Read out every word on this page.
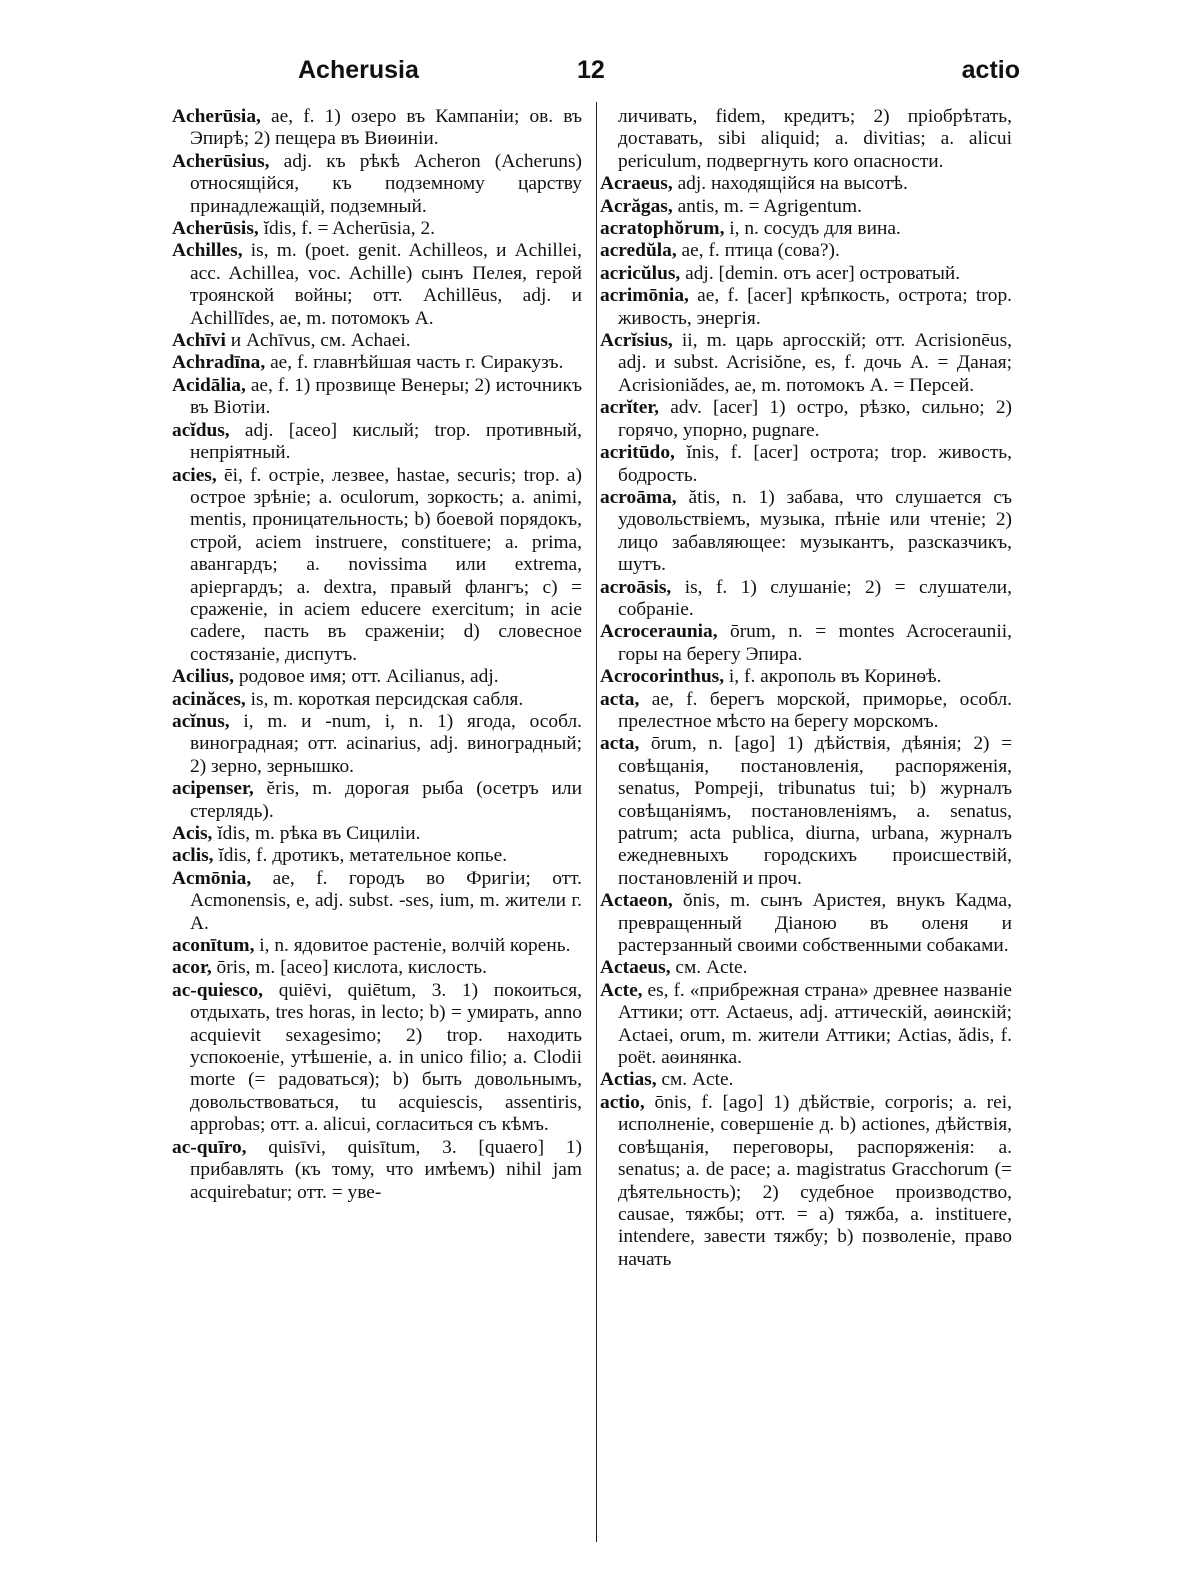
Acherusia	12	actio

Acherūsia, ae, f. 1) озеро въ Кампаніи; ов. въ Эпирѣ; 2) пещера въ Виѳиніи.

Acherūsius, adj. къ рѣкѣ Acheron (Acheruns) относящійся, къ подземному царству принадлежащій, подземный.

Acherūsis, ĭdis, f. = Acherūsia, 2.

Achilles, is, m. (poet. genit. Achilleos, и Achillei, acc. Achillea, voc. Achille) сынъ Пелея, герой троянской войны; отт. Achillēus, adj. и Achillīdes, ae, m. потомокъ А.

Achīvi и Achīvus, см. Achaei.

Achradīna, ae, f. главнѣйшая часть г. Сиракузъ.

Acidālia, ae, f. 1) прозвище Венеры; 2) источникъ въ Віотіи.

acĭdus, adj. [aceo] кислый; trop. противный, непріятный.

acies, ēi, f. остріе, лезвее, hastae, securis; trop. a) острое зрѣніе; a. oculorum, зоркость; a. animi, mentis, проницательность; b) боевой порядокъ, строй, aciem instruere, constituere; a. prima, авангардъ; a. novissima или extrema, аріергардъ; a. dextra, правый флангъ; c) = сраженіе, in aciem educere exercitum; in acie cadere, пасть въ сраженіи; d) словесное состязаніе, диспутъ.

Acilius, родовое имя; отт. Acilianus, adj.

acinăces, is, m. короткая персидская сабля.

acĭnus, i, m. и -num, i, n. 1) ягода, особл. виноградная; отт. acinarius, adj. виноградный; 2) зерно, зернышко.

acipenser, ĕris, m. дорогая рыба (осетръ или стерлядь).

Acis, ĭdis, m. рѣка въ Сициліи.

aclis, ĭdis, f. дротикъ, метательное копье.

Acmōnia, ae, f. городъ во Фригіи; отт. Acmonensis, e, adj. subst. -ses, ium, m. жители г. А.

aconītum, i, n. ядовитое растеніе, волчій корень.

acor, ōris, m. [aceo] кислота, кислость.

ac-quiesco, quiēvi, quiētum, 3. 1) покоиться, отдыхать, tres horas, in lecto; b) = умирать, anno acquievit sexagesimo; 2) trop. находить успокоеніе, утѣшеніе, a. in unico filio; a. Clodii morte (= радоваться); b) быть довольнымъ, довольствоваться, tu acquiescis, assentiris, approbas; отт. a. alicui, согласиться съ кѣмъ.

ac-quīro, quisīvi, quisītum, 3. [quaero] 1) прибавлять (къ тому, что имѣемъ) nihil jam acquirebatur; отт. = уве-

личивать, fidem, кредитъ; 2) пріобрѣтать, доставать, sibi aliquid; a. divitias; a. alicui periculum, подвергнуть кого опасности.

Acraeus, adj. находящійся на высотѣ.

Acrăgas, antis, m. = Agrigentum.

acratophŏrum, i, n. сосудъ для вина.

acredŭla, ae, f. птица (сова?).

acricŭlus, adj. [demin. отъ acer] островатый.

acrimōnia, ae, f. [acer] крѣпкость, острота; trop. живость, энергія.

Acrĭsius, ii, m. царь аргосскій; отт. Acrisionēus, adj. и subst. Acrisiŏne, es, f. дочь А. = Даная; Acrisioniădes, ae, m. потомокъ А. = Персей.

acrĭter, adv. [acer] 1) остро, рѣзко, сильно; 2) горячо, упорно, pugnare.

acritūdo, ĭnis, f. [acer] острота; trop. живость, бодрость.

acroāma, ătis, n. 1) забава, что слушается съ удовольствіемъ, музыка, пѣніе или чтеніе; 2) лицо забавляющее: музыкантъ, разсказчикъ, шутъ.

acroāsis, is, f. 1) слушаніе; 2) = слушатели, собраніе.

Acroceraunia, ōrum, n. = montes Acroceraunii, горы на берегу Эпира.

Acrocorinthus, i, f. акрополь въ Коринѳѣ.

acta, ae, f. берегъ морской, приморье, особл. прелестное мѣсто на берегу морскомъ.

acta, ōrum, n. [ago] 1) дѣйствія, дѣянія; 2) = совѣщанія, постановленія, распоряженія, senatus, Pompeji, tribunatus tui; b) журналъ совѣщаніямъ, постановленіямъ, a. senatus, patrum; acta publica, diurna, urbana, журналъ ежедневныхъ городскихъ происшествій, постановленій и проч.

Actaeon, ŏnis, m. сынъ Аристея, внукъ Кадма, превращенный Діаною въ оленя и растерзанный своими собственными собаками.

Actaeus, см. Acte.

Acte, es, f. «прибрежная страна» древнее названіе Аттики; отт. Actaeus, adj. аттическій, аѳинскій; Actaei, orum, m. жители Аттики; Actias, ădis, f. poët. аѳинянка.

Actias, см. Acte.

actio, ōnis, f. [ago] 1) дѣйствіе, corporis; a. rei, исполненіе, совершеніе д. b) actiones, дѣйствія, совѣщанія, переговоры, распоряженія: a. senatus; a. de pace; a. magistratus Gracchorum (= дѣятельность); 2) судебное производство, causae, тяжбы; отт. = a) тяжба, a. instituere, intendere, завести тяжбу; b) позволеніе, право начать
